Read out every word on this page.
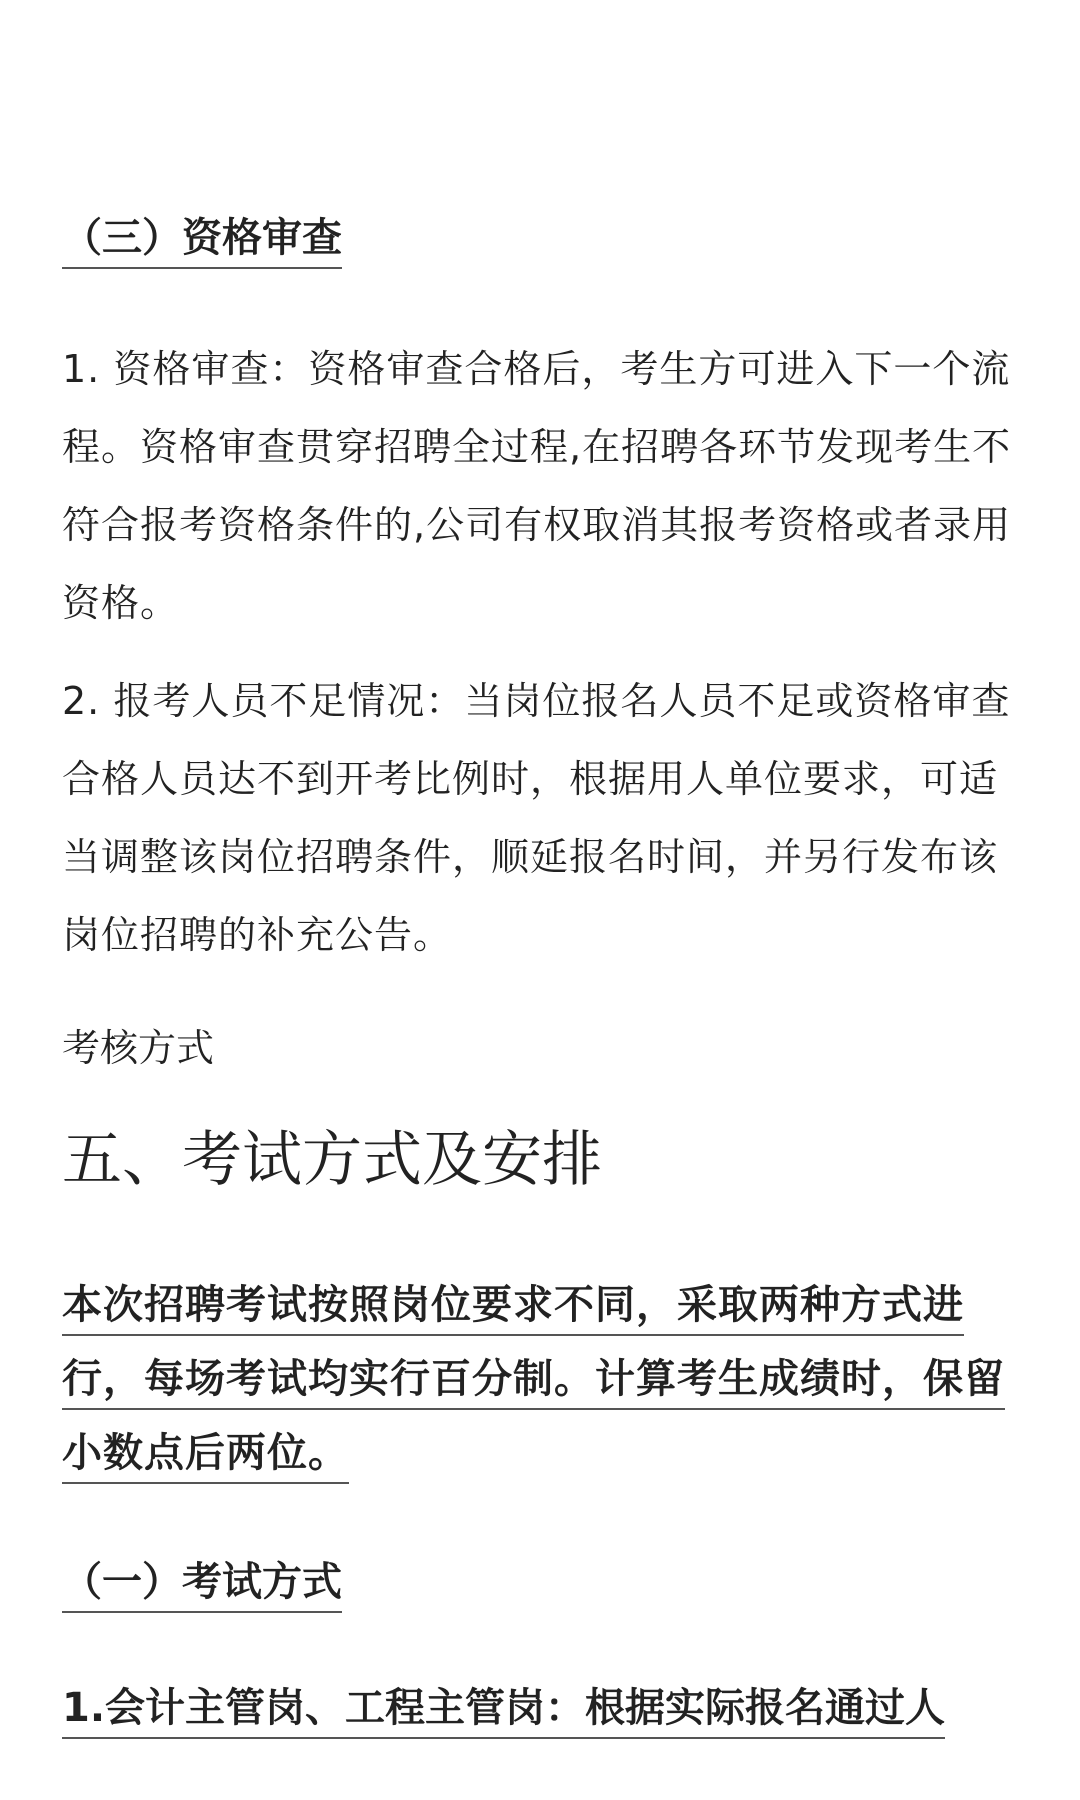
（三）资格审查
1. 资格审查：资格审查合格后，考生方可进入下一个流程。资格审查贯穿招聘全过程,在招聘各环节发现考生不符合报考资格条件的,公司有权取消其报考资格或者录用资格。
2. 报考人员不足情况：当岗位报名人员不足或资格审查合格人员达不到开考比例时，根据用人单位要求，可适当调整该岗位招聘条件，顺延报名时间，并另行发布该岗位招聘的补充公告。
考核方式
五、考试方式及安排
本次招聘考试按照岗位要求不同，采取两种方式进行，每场考试均实行百分制。计算考生成绩时，保留小数点后两位。
（一）考试方式
1.会计主管岗、工程主管岗：根据实际报名通过人
